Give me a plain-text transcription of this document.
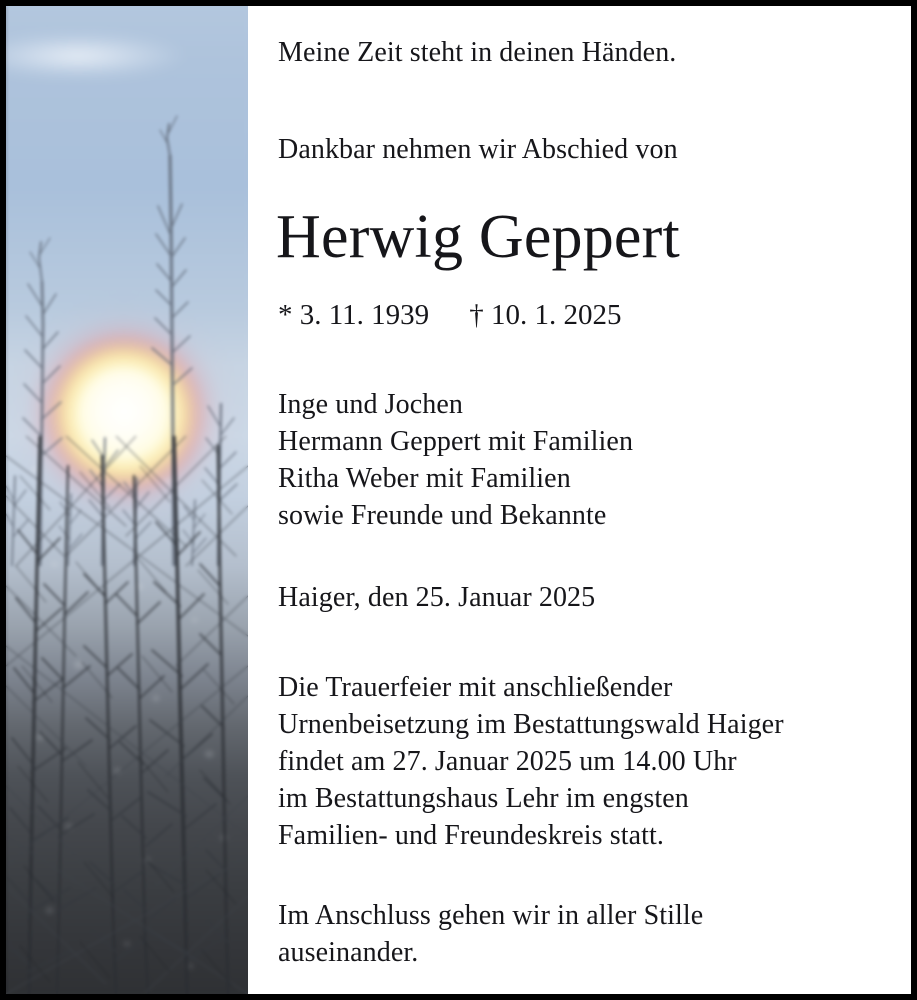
Meine Zeit steht in deinen Händen.
Dankbar nehmen wir Abschied von
Herwig Geppert
* 3. 11. 1939 † 10. 1. 2025
Inge und Jochen
Hermann Geppert mit Familien
Ritha Weber mit Familien
sowie Freunde und Bekannte
Haiger, den 25. Januar 2025
Die Trauerfeier mit anschließender
Urnenbeisetzung im Bestattungswald Haiger
findet am 27. Januar 2025 um 14.00 Uhr
im Bestattungshaus Lehr im engsten
Familien- und Freundeskreis statt.
Im Anschluss gehen wir in aller Stille
auseinander.
